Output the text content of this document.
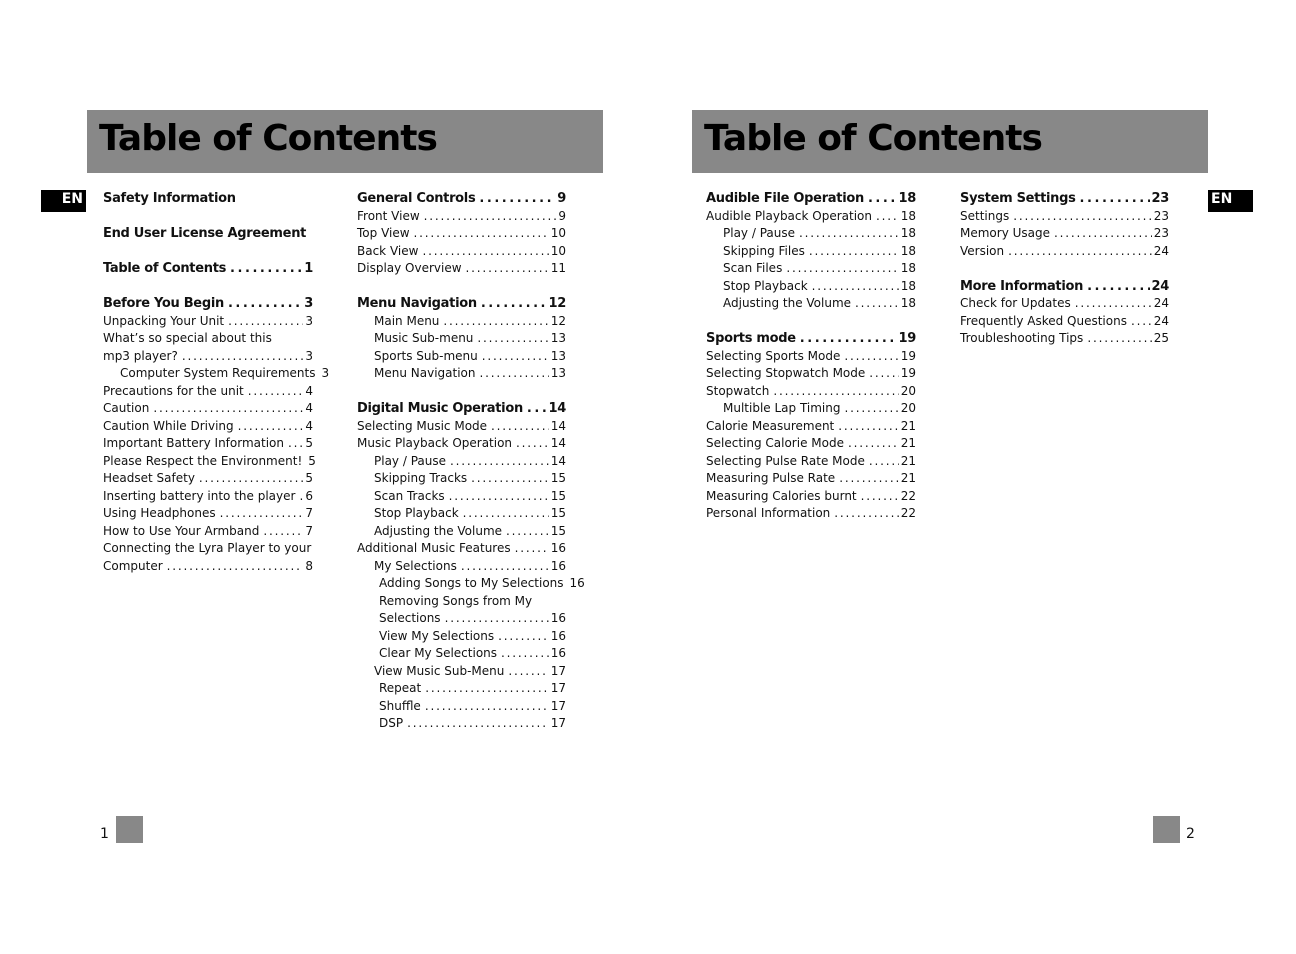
Table of Contents	Table of Contents
EN	EN
Safety Information
End User License Agreement
Table of Contents . . .	1
Before You Begin . . .	3
Unpacking Your Unit . . .	3
What’s so special about this
mp3 player? . . .	3
Computer System Requirements 3
Precautions for the unit . . .	4
Caution . . .	4
Caution While Driving . . .	4
Important Battery Information . . .	5
Please Respect the Environment! 5
Headset Safety . . .	5
Inserting battery into the player . . . 6
Using Headphones . . .	7
How to Use Your Armband . . .	7
Connecting the Lyra Player to your
Computer . . .	8
General Controls . . .	9
Front View . . .	9
Top View . . .	10
Back View . . .	10
Display Overview . . .	11
Menu Navigation . . .	12
Main Menu . . .	12
Music Sub-menu . . .	13
Sports Sub-menu . . .	13
Menu Navigation . . .	13
Digital Music Operation . . .	14
Selecting Music Mode . . .	14
Music Playback Operation . . .	14
Play / Pause . . .	14
Skipping Tracks . . .	15
Scan Tracks . . .	15
Stop Playback . . .	15
Adjusting the Volume . . .	15
Additional Music Features . . .	16
My Selections . . .	16
Adding Songs to My Selections 16
Removing Songs from My
Selections . . .	16
View My Selections . . .	16
Clear My Selections . . .	16
View Music Sub-Menu . . .	17
Repeat . . .	17
Shuffle . . .	17
DSP . . .	17
Audible File Operation . . .	18
Audible Playback Operation . . .	18
Play / Pause . . .	18
Skipping Files . . .	18
Scan Files . . .	18
Stop Playback . . .	18
Adjusting the Volume . . .	18
Sports mode . . .	19
Selecting Sports Mode . . .	19
Selecting Stopwatch Mode . . .	19
Stopwatch . . .	20
Multible Lap Timing . . .	20
Calorie Measurement . . .	21
Selecting Calorie Mode . . .	21
Selecting Pulse Rate Mode . . .	21
Measuring Pulse Rate . . .	21
Measuring Calories burnt . . .	22
Personal Information . . .	22
System Settings . . .	23
Settings . . .	23
Memory Usage . . .	23
Version . . .	24
More Information . . .	24
Check for Updates . . .	24
Frequently Asked Questions . . .	24
Troubleshooting Tips . . .	25
1	2
